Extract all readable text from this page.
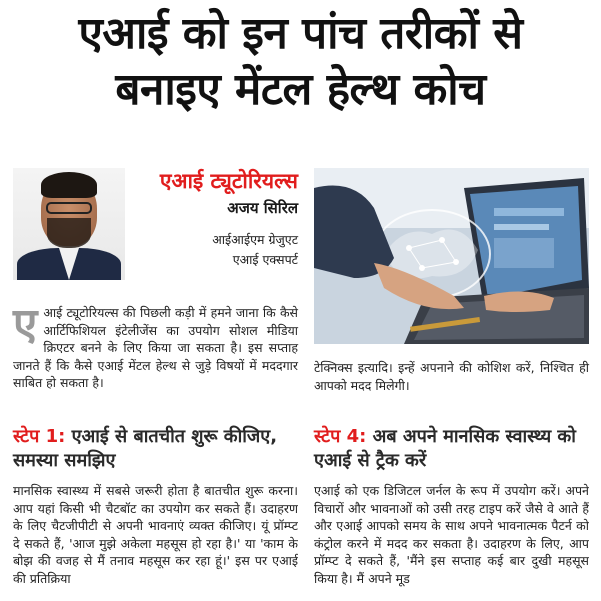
एआई को इन पांच तरीकों से
बनाइए मेंटल हेल्थ कोच
एआई ट्यूटोरियल्स
अजय सिरिल
आईआईएम ग्रेजुएट
एआई एक्सपर्ट
ए आई ट्यूटोरियल्स की पिछली कड़ी में हमने जाना कि कैसे आर्टिफिशियल इंटेलीजेंस का उपयोग सोशल मीडिया क्रिएटर बनने के लिए किया जा सकता है। इस सप्ताह जानते हैं कि कैसे एआई मेंटल हेल्थ से जुड़े विषयों में मददगार साबित हो सकता है।
टेक्निक्स इत्यादि। इन्हें अपनाने की कोशिश करें, निश्चित ही आपको मदद मिलेगी।
स्टेप 1: एआई से बातचीत शुरू कीजिए, समस्या समझिए
स्टेप 4: अब अपने मानसिक स्वास्थ्य को एआई से ट्रैक करें
मानसिक स्वास्थ्य में सबसे जरूरी होता है बातचीत शुरू करना। आप यहां किसी भी चैटबॉट का उपयोग कर सकते हैं। उदाहरण के लिए चैटजीपीटी से अपनी भावनाएं व्यक्त कीजिए। यूं प्रॉम्प्ट दे सकते हैं, 'आज मुझे अकेला महसूस हो रहा है।' या 'काम के बोझ की वजह से मैं तनाव महसूस कर रहा हूं।' इस पर एआई की प्रतिक्रिया
एआई को एक डिजिटल जर्नल के रूप में उपयोग करें। अपने विचारों और भावनाओं को उसी तरह टाइप करें जैसे वे आते हैं और एआई आपको समय के साथ अपने भावनात्मक पैटर्न को कंट्रोल करने में मदद कर सकता है। उदाहरण के लिए, आप प्रॉम्प्ट दे सकते हैं, 'मैंने इस सप्ताह कई बार दुखी महसूस किया है। मैं अपने मूड
